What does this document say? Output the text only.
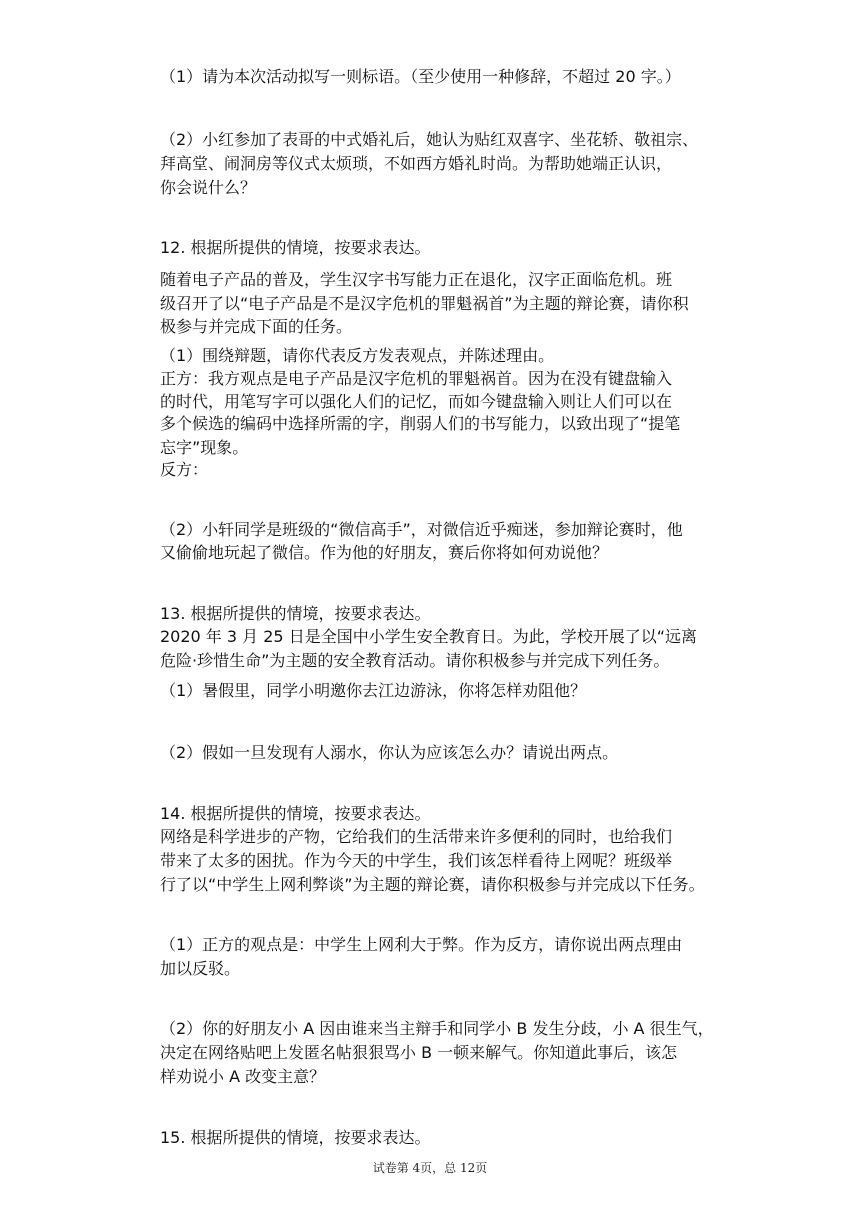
（1）请为本次活动拟写一则标语。（至少使用一种修辞，不超过 20 字。）
（2）小红参加了表哥的中式婚礼后，她认为贴红双喜字、坐花轿、敬祖宗、
拜高堂、闹洞房等仪式太烦琐，不如西方婚礼时尚。为帮助她端正认识，
你会说什么？
12. 根据所提供的情境，按要求表达。
随着电子产品的普及，学生汉字书写能力正在退化，汉字正面临危机。班
级召开了以“电子产品是不是汉字危机的罪魁祸首”为主题的辩论赛，请你积
极参与并完成下面的任务。
（1）围绕辩题，请你代表反方发表观点，并陈述理由。
正方：我方观点是电子产品是汉字危机的罪魁祸首。因为在没有键盘输入
的时代，用笔写字可以强化人们的记忆，而如今键盘输入则让人们可以在
多个候选的编码中选择所需的字，削弱人们的书写能力，以致出现了“提笔
忘字”现象。
反方：
（2）小轩同学是班级的“微信高手”，对微信近乎痴迷，参加辩论赛时，他
又偷偷地玩起了微信。作为他的好朋友，赛后你将如何劝说他？
13. 根据所提供的情境，按要求表达。
2020 年 3 月 25 日是全国中小学生安全教育日。为此，学校开展了以“远离
危险·珍惜生命”为主题的安全教育活动。请你积极参与并完成下列任务。
（1）暑假里，同学小明邀你去江边游泳，你将怎样劝阻他？
（2）假如一旦发现有人溺水，你认为应该怎么办？请说出两点。
14. 根据所提供的情境，按要求表达。
网络是科学进步的产物，它给我们的生活带来许多便利的同时，也给我们
带来了太多的困扰。作为今天的中学生，我们该怎样看待上网呢？班级举
行了以“中学生上网利弊谈”为主题的辩论赛，请你积极参与并完成以下任务。
（1）正方的观点是：中学生上网利大于弊。作为反方，请你说出两点理由
加以反驳。
（2）你的好朋友小 A 因由谁来当主辩手和同学小 B 发生分歧，小 A 很生气，
决定在网络贴吧上发匿名帖狠狠骂小 B 一顿来解气。你知道此事后，该怎
样劝说小 A 改变主意？
15. 根据所提供的情境，按要求表达。
试卷第 4页，总 12页
